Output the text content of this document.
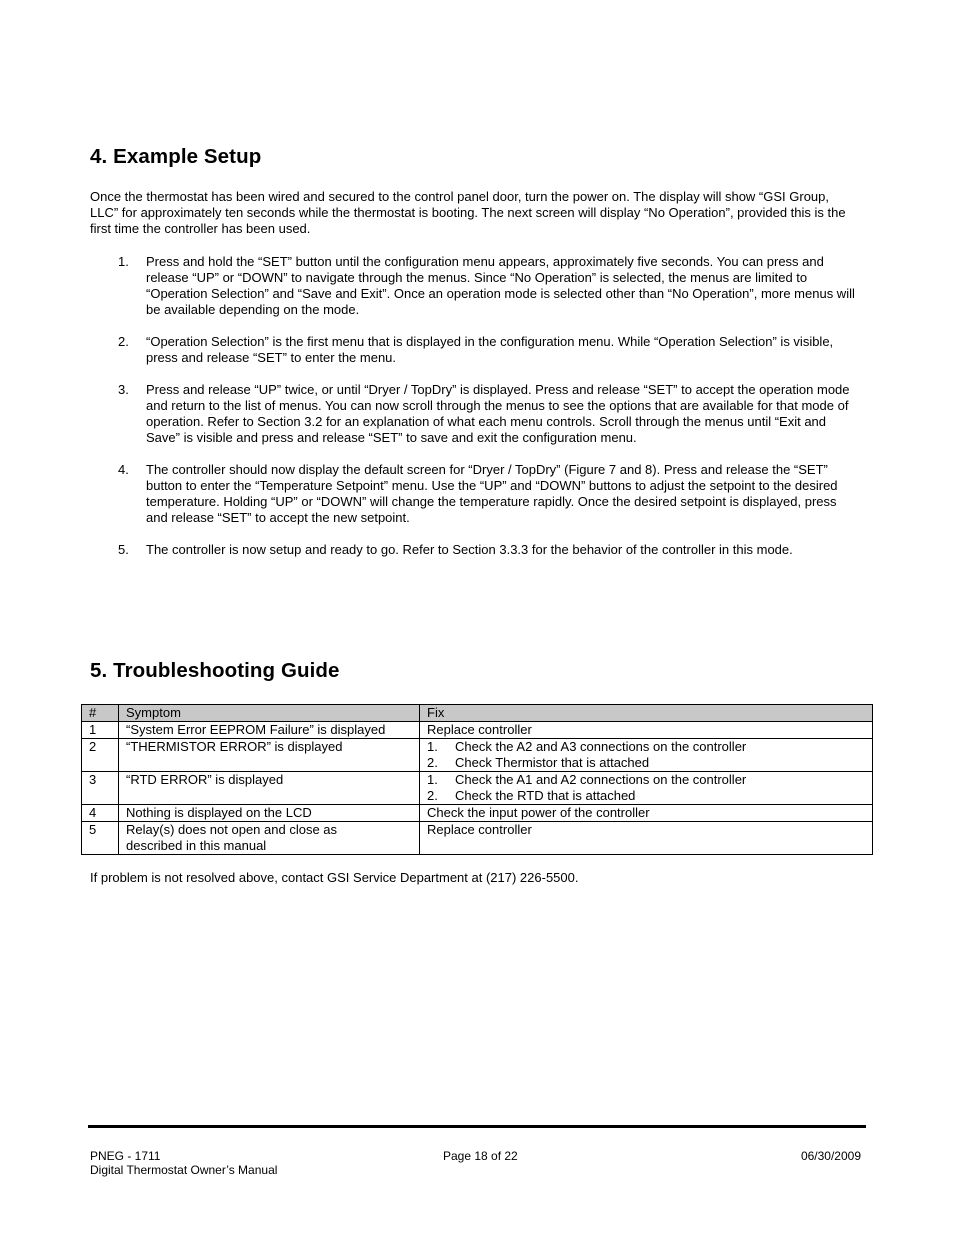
4. Example Setup

Once the thermostat has been wired and secured to the control panel door, turn the power on. The display will show “GSI Group, LLC” for approximately ten seconds while the thermostat is booting. The next screen will display “No Operation”, provided this is the first time the controller has been used.

1. Press and hold the “SET” button until the configuration menu appears, approximately five seconds. You can press and release “UP” or “DOWN” to navigate through the menus. Since “No Operation” is selected, the menus are limited to “Operation Selection” and “Save and Exit”. Once an operation mode is selected other than “No Operation”, more menus will be available depending on the mode.
2. “Operation Selection” is the first menu that is displayed in the configuration menu. While “Operation Selection” is visible, press and release “SET” to enter the menu.
3. Press and release “UP” twice, or until “Dryer / TopDry” is displayed. Press and release “SET” to accept the operation mode and return to the list of menus. You can now scroll through the menus to see the options that are available for that mode of operation. Refer to Section 3.2 for an explanation of what each menu controls. Scroll through the menus until “Exit and Save” is visible and press and release “SET” to save and exit the configuration menu.
4. The controller should now display the default screen for “Dryer / TopDry” (Figure 7 and 8). Press and release the “SET” button to enter the “Temperature Setpoint” menu. Use the “UP” and “DOWN” buttons to adjust the setpoint to the desired temperature. Holding “UP” or “DOWN” will change the temperature rapidly. Once the desired setpoint is displayed, press and release “SET” to accept the new setpoint.
5. The controller is now setup and ready to go. Refer to Section 3.3.3 for the behavior of the controller in this mode.
5. Troubleshooting Guide
#	Symptom	Fix
1	“System Error EEPROM Failure” is displayed	Replace controller
2	“THERMISTOR ERROR” is displayed	1. Check the A2 and A3 connections on the controller
2. Check Thermistor that is attached

3	“RTD ERROR” is displayed	1. Check the A1 and A2 connections on the controller
2. Check the RTD that is attached

4	Nothing is displayed on the LCD	Check the input power of the controller
5	Relay(s) does not open and close as described in this manual	Replace controller

If problem is not resolved above, contact GSI Service Department at (217) 226-5500.

PNEG - 1711
Digital Thermostat Owner’s Manual
Page 18 of 22	06/30/2009
